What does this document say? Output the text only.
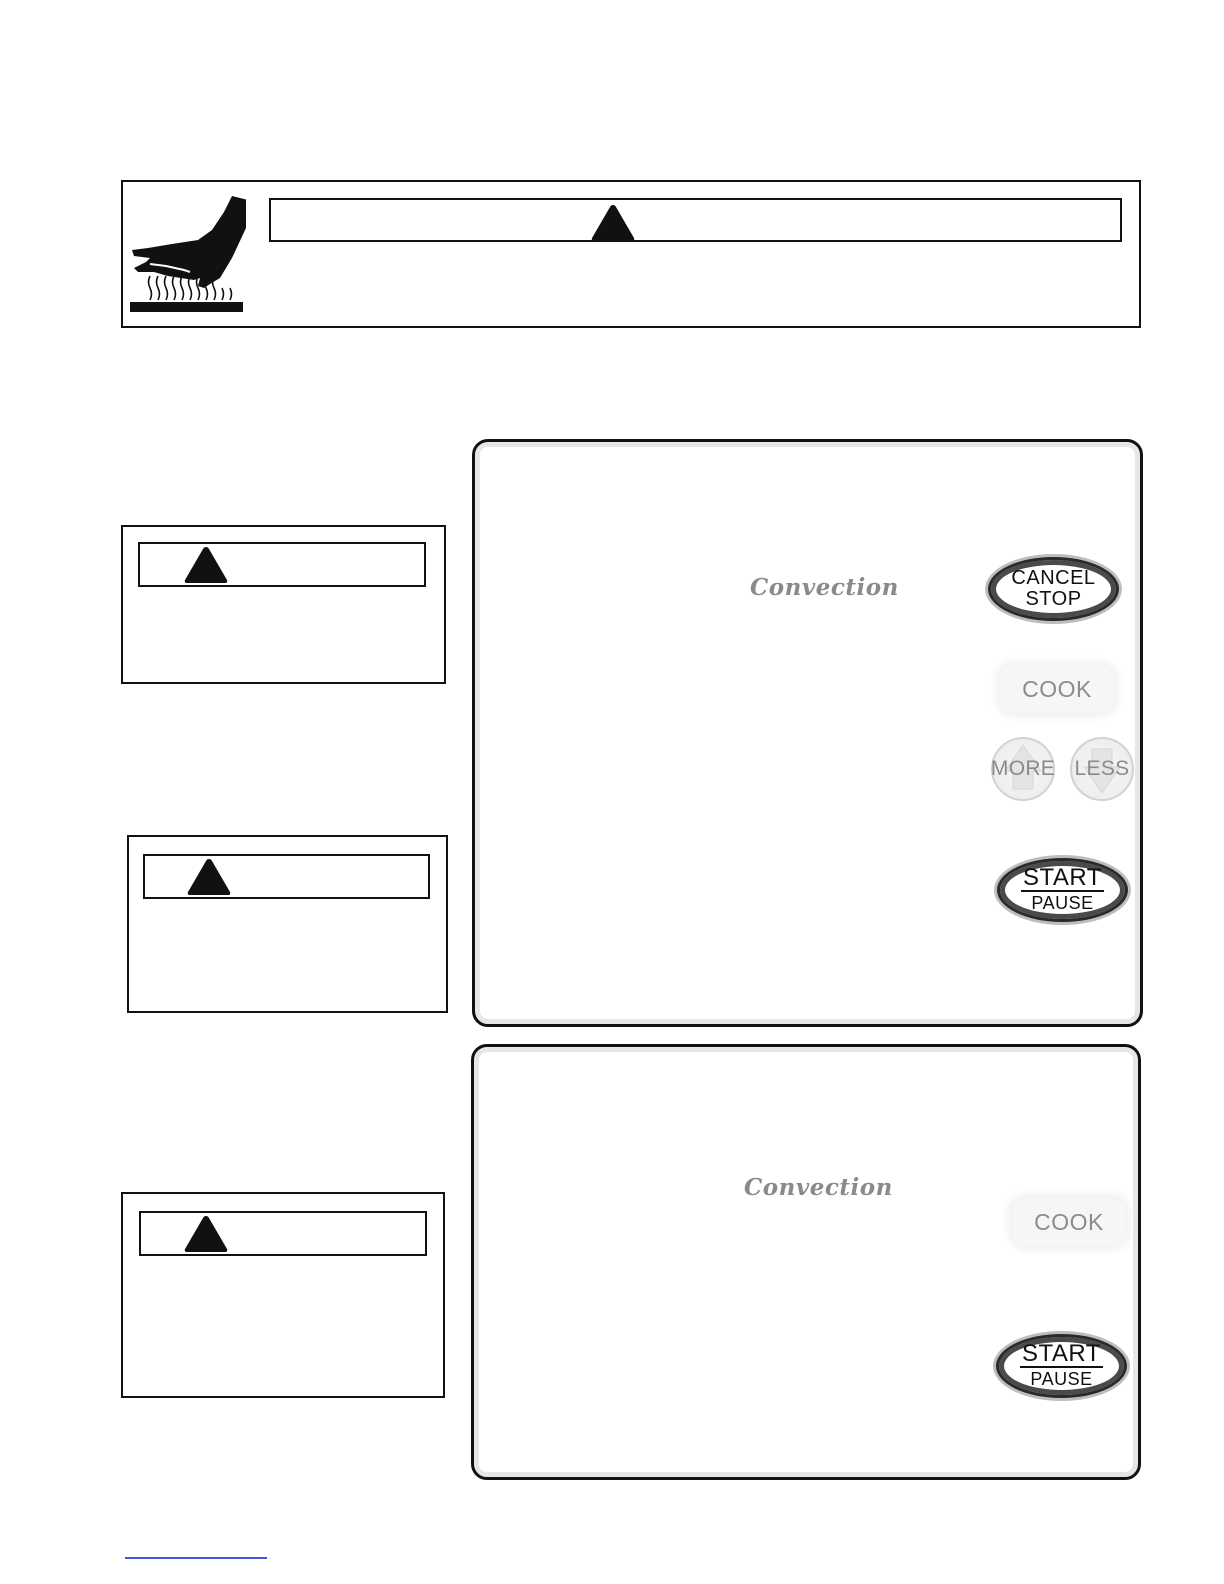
Convection	CANCEL
STOP
COOK
MORE LESS
START
PAUSE
Convection
COOK
START
PAUSE
